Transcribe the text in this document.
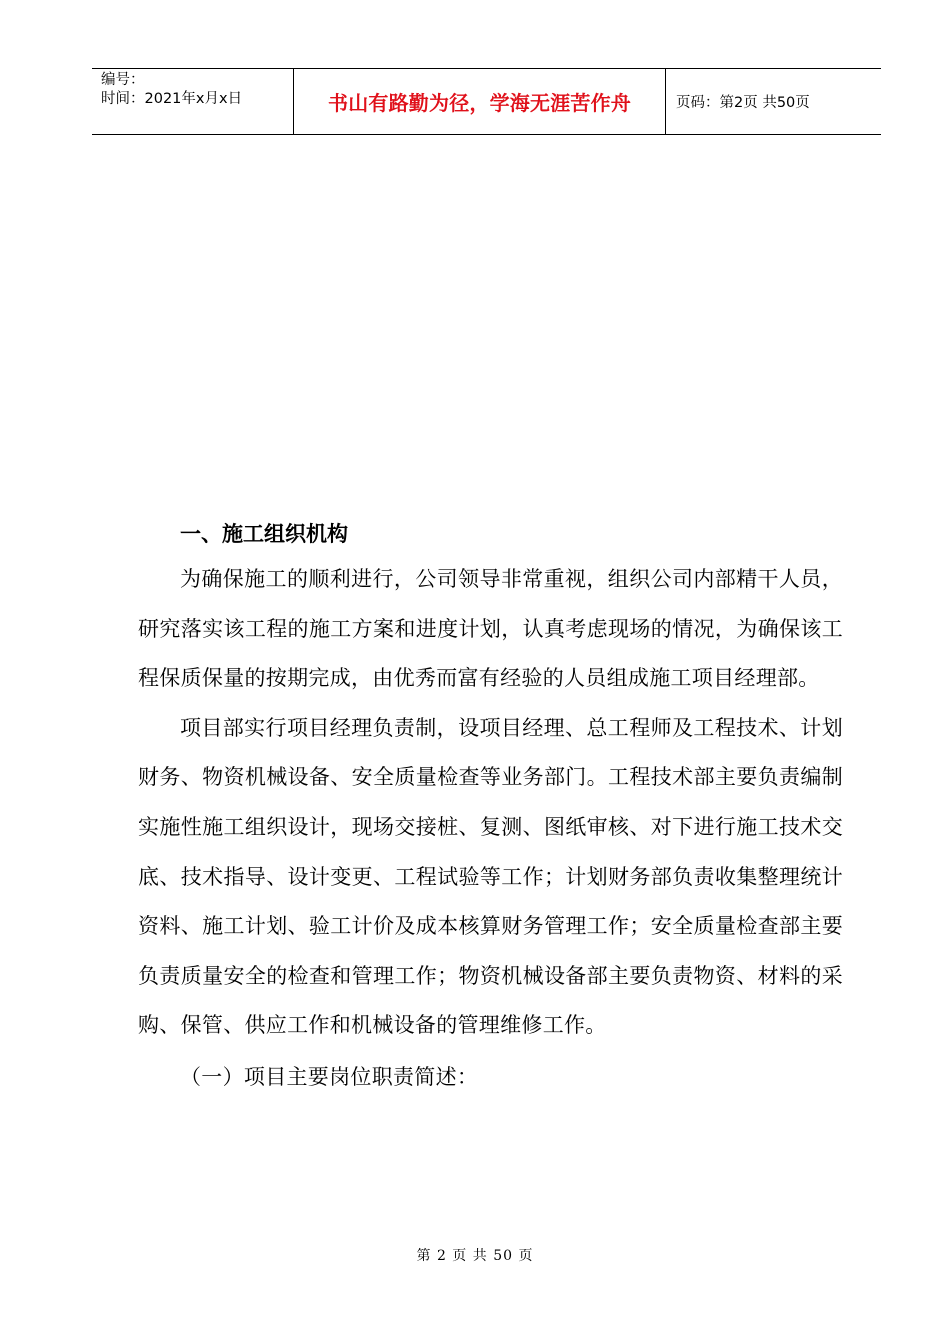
编号：
时间：2021年x月x日	书山有路勤为径，学海无涯苦作舟	页码：第2页 共50页

一、施工组织机构

为确保施工的顺利进行，公司领导非常重视，组织公司内部精干人员，研究落实该工程的施工方案和进度计划，认真考虑现场的情况，为确保该工程保质保量的按期完成，由优秀而富有经验的人员组成施工项目经理部。

项目部实行项目经理负责制，设项目经理、总工程师及工程技术、计划财务、物资机械设备、安全质量检查等业务部门。工程技术部主要负责编制实施性施工组织设计，现场交接桩、复测、图纸审核、对下进行施工技术交底、技术指导、设计变更、工程试验等工作；计划财务部负责收集整理统计资料、施工计划、验工计价及成本核算财务管理工作；安全质量检查部主要负责质量安全的检查和管理工作；物资机械设备部主要负责物资、材料的采购、保管、供应工作和机械设备的管理维修工作。

（一）项目主要岗位职责简述：

第 2 页 共 50 页
